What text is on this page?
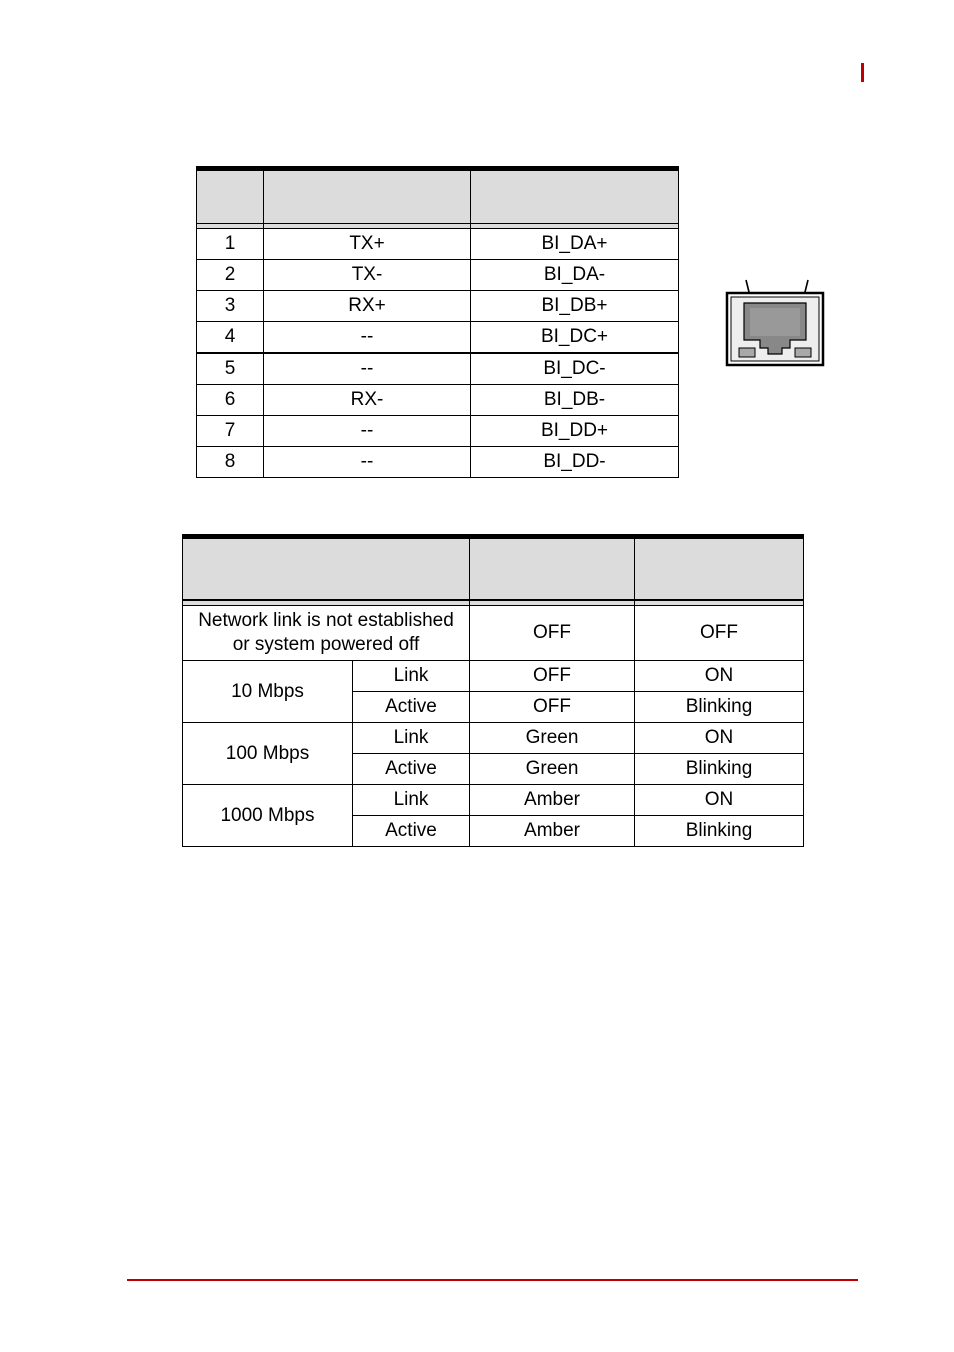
1	TX+	BI_DA+
2	TX-	BI_DA-
3	RX+	BI_DB+
4	--	BI_DC+
5	--	BI_DC-
6	RX-	BI_DB-
7	--	BI_DD+
8	--	BI_DD-

Network link is not established
or system powered off		OFF	OFF
10 Mbps	Link	OFF	ON
	Active	OFF	Blinking
100 Mbps	Link	Green	ON
	Active	Green	Blinking
1000 Mbps	Link	Amber	ON
	Active	Amber	Blinking
